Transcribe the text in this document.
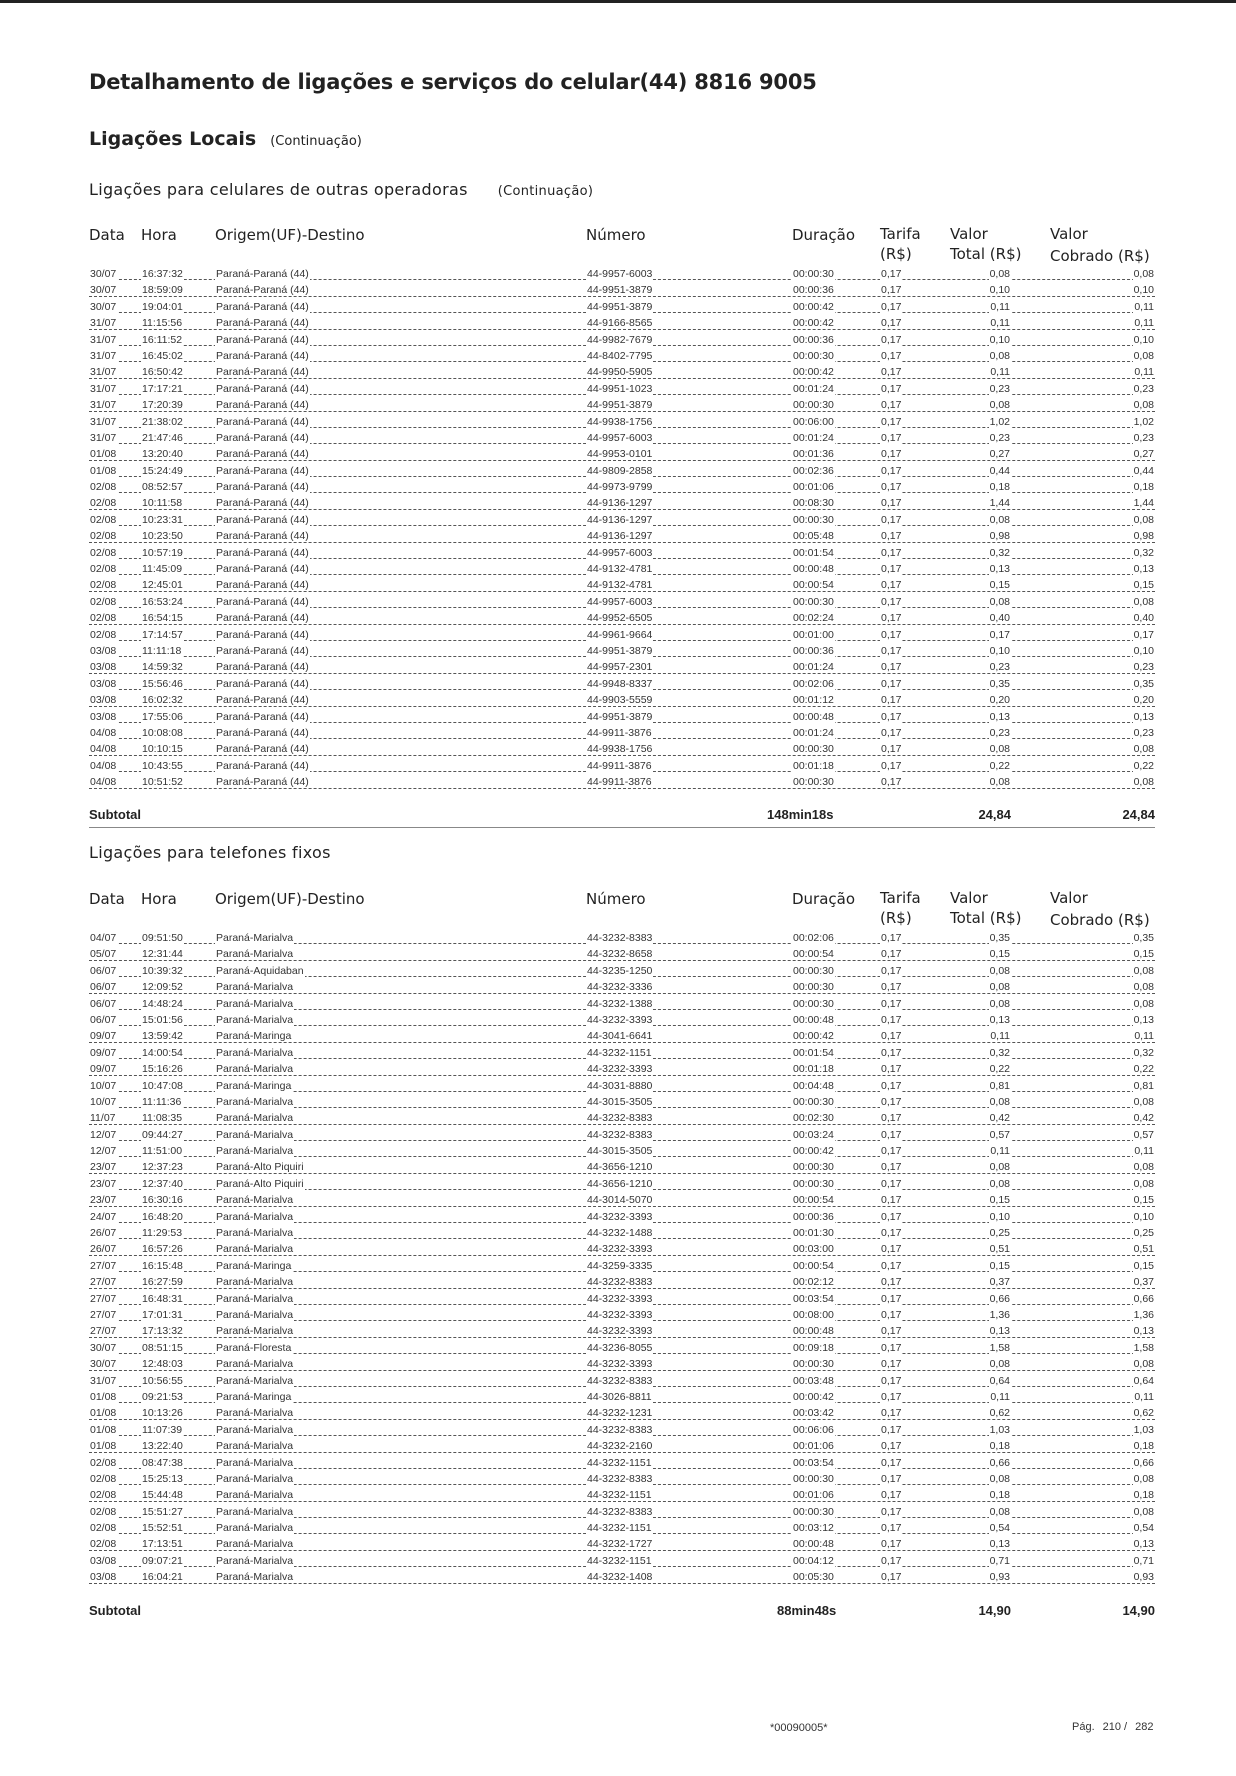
Detalhamento de ligações e serviços do celular(44) 8816 9005
Ligações Locais (Continuação)
Ligações para celulares de outras operadoras (Continuação)
Data Hora	Origem(UF)-Destino	Número	Duração Tarifa
(R$)
Valor
Total (R$)
Valor
Cobrado (R$)
30/07 16:37:32	Paraná-Paraná (44)	44-9957-6003	00:00:30	0,17	0,08	0,08
30/07 18:59:09	Paraná-Paraná (44)	44-9951-3879	00:00:36	0,17	0,10	0,10
30/07 19:04:01	Paraná-Paraná (44)	44-9951-3879	00:00:42	0,17	0,11	0,11
31/07 11:15:56	Paraná-Paraná (44)	44-9166-8565	00:00:42	0,17	0,11	0,11
31/07 16:11:52	Paraná-Paraná (44)	44-9982-7679	00:00:36	0,17	0,10	0,10
31/07 16:45:02	Paraná-Paraná (44)	44-8402-7795	00:00:30	0,17	0,08	0,08
31/07 16:50:42	Paraná-Paraná (44)	44-9950-5905	00:00:42	0,17	0,11	0,11
31/07 17:17:21	Paraná-Paraná (44)	44-9951-1023	00:01:24	0,17	0,23	0,23
31/07 17:20:39	Paraná-Paraná (44)	44-9951-3879	00:00:30	0,17	0,08	0,08
31/07 21:38:02	Paraná-Paraná (44)	44-9938-1756	00:06:00	0,17	1,02	1,02
31/07 21:47:46	Paraná-Paraná (44)	44-9957-6003	00:01:24	0,17	0,23	0,23
01/08 13:20:40	Paraná-Paraná (44)	44-9953-0101	00:01:36	0,17	0,27	0,27
01/08 15:24:49	Paraná-Parana (44)	44-9809-2858	00:02:36	0,17	0,44	0,44
02/08 08:52:57	Paraná-Paraná (44)	44-9973-9799	00:01:06	0,17	0,18	0,18
02/08 10:11:58	Paraná-Paraná (44)	44-9136-1297	00:08:30	0,17	1,44	1,44
02/08 10:23:31	Paraná-Paraná (44)	44-9136-1297	00:00:30	0,17	0,08	0,08
02/08 10:23:50	Paraná-Paraná (44)	44-9136-1297	00:05:48	0,17	0,98	0,98
02/08 10:57:19	Paraná-Paraná (44)	44-9957-6003	00:01:54	0,17	0,32	0,32
02/08 11:45:09	Paraná-Paraná (44)	44-9132-4781	00:00:48	0,17	0,13	0,13
02/08 12:45:01	Paraná-Paraná (44)	44-9132-4781	00:00:54	0,17	0,15	0,15
02/08 16:53:24	Paraná-Paraná (44)	44-9957-6003	00:00:30	0,17	0,08	0,08
02/08 16:54:15	Paraná-Paraná (44)	44-9952-6505	00:02:24	0,17	0,40	0,40
02/08 17:14:57	Paraná-Paraná (44)	44-9961-9664	00:01:00	0,17	0,17	0,17
03/08 11:11:18	Paraná-Paraná (44)	44-9951-3879	00:00:36	0,17	0,10	0,10
03/08 14:59:32	Paraná-Paraná (44)	44-9957-2301	00:01:24	0,17	0,23	0,23
03/08 15:56:46	Paraná-Paraná (44)	44-9948-8337	00:02:06	0,17	0,35	0,35
03/08 16:02:32	Paraná-Paraná (44)	44-9903-5559	00:01:12	0,17	0,20	0,20
03/08 17:55:06	Paraná-Paraná (44)	44-9951-3879	00:00:48	0,17	0,13	0,13
04/08 10:08:08	Paraná-Paraná (44)	44-9911-3876	00:01:24	0,17	0,23	0,23
04/08 10:10:15	Paraná-Paraná (44)	44-9938-1756	00:00:30	0,17	0,08	0,08
04/08 10:43:55	Paraná-Paraná (44)	44-9911-3876	00:01:18	0,17	0,22	0,22
04/08 10:51:52	Paraná-Paraná (44)	44-9911-3876	00:00:30	0,17	0,08	0,08
Subtotal	148min18s	24,84	24,84
Ligações para telefones fixos
Data Hora	Origem(UF)-Destino	Número	Duração Tarifa
(R$)
Valor
Total (R$)
Valor
Cobrado (R$)
04/07 09:51:50	Paraná-Marialva	44-3232-8383	00:02:06	0,17	0,35	0,35
05/07 12:31:44	Paraná-Marialva	44-3232-8658	00:00:54	0,17	0,15	0,15
06/07 10:39:32	Paraná-Aquidaban	44-3235-1250	00:00:30	0,17	0,08	0,08
06/07 12:09:52	Paraná-Marialva	44-3232-3336	00:00:30	0,17	0,08	0,08
06/07 14:48:24	Paraná-Marialva	44-3232-1388	00:00:30	0,17	0,08	0,08
06/07 15:01:56	Paraná-Marialva	44-3232-3393	00:00:48	0,17	0,13	0,13
09/07 13:59:42	Paraná-Maringa	44-3041-6641	00:00:42	0,17	0,11	0,11
09/07 14:00:54	Paraná-Marialva	44-3232-1151	00:01:54	0,17	0,32	0,32
09/07 15:16:26	Paraná-Marialva	44-3232-3393	00:01:18	0,17	0,22	0,22
10/07 10:47:08	Paraná-Maringa	44-3031-8880	00:04:48	0,17	0,81	0,81
10/07 11:11:36	Paraná-Marialva	44-3015-3505	00:00:30	0,17	0,08	0,08
11/07	11:08:35	Paraná-Marialva	44-3232-8383	00:02:30	0,17	0,42	0,42
12/07 09:44:27	Paraná-Marialva	44-3232-8383	00:03:24	0,17	0,57	0,57
12/07 11:51:00	Paraná-Marialva	44-3015-3505	00:00:42	0,17	0,11	0,11
23/07 12:37:23	Paraná-Alto Piquiri	44-3656-1210	00:00:30	0,17	0,08	0,08
23/07 12:37:40	Paraná-Alto Piquiri	44-3656-1210	00:00:30	0,17	0,08	0,08
23/07 16:30:16	Paraná-Marialva	44-3014-5070	00:00:54	0,17	0,15	0,15
24/07 16:48:20	Paraná-Marialva	44-3232-3393	00:00:36	0,17	0,10	0,10
26/07 11:29:53	Paraná-Marialva	44-3232-1488	00:01:30	0,17	0,25	0,25
26/07 16:57:26	Paraná-Marialva	44-3232-3393	00:03:00	0,17	0,51	0,51
27/07 16:15:48	Paraná-Maringa	44-3259-3335	00:00:54	0,17	0,15	0,15
27/07 16:27:59	Paraná-Marialva	44-3232-8383	00:02:12	0,17	0,37	0,37
27/07 16:48:31	Paraná-Marialva	44-3232-3393	00:03:54	0,17	0,66	0,66
27/07 17:01:31	Paraná-Marialva	44-3232-3393	00:08:00	0,17	1,36	1,36
27/07 17:13:32	Paraná-Marialva	44-3232-3393	00:00:48	0,17	0,13	0,13
30/07 08:51:15	Paraná-Floresta	44-3236-8055	00:09:18	0,17	1,58	1,58
30/07 12:48:03	Paraná-Marialva	44-3232-3393	00:00:30	0,17	0,08	0,08
31/07 10:56:55	Paraná-Marialva	44-3232-8383	00:03:48	0,17	0,64	0,64
01/08 09:21:53	Paraná-Maringa	44-3026-8811	00:00:42	0,17	0,11	0,11
01/08 10:13:26	Paraná-Marialva	44-3232-1231	00:03:42	0,17	0,62	0,62
01/08 11:07:39	Paraná-Marialva	44-3232-8383	00:06:06	0,17	1,03	1,03
01/08 13:22:40	Paraná-Marialva	44-3232-2160	00:01:06	0,17	0,18	0,18
02/08 08:47:38	Paraná-Marialva	44-3232-1151	00:03:54	0,17	0,66	0,66
02/08 15:25:13	Paraná-Marialva	44-3232-8383	00:00:30	0,17	0,08	0,08
02/08 15:44:48	Paraná-Marialva	44-3232-1151	00:01:06	0,17	0,18	0,18
02/08 15:51:27	Paraná-Marialva	44-3232-8383	00:00:30	0,17	0,08	0,08
02/08 15:52:51	Paraná-Marialva	44-3232-1151	00:03:12	0,17	0,54	0,54
02/08 17:13:51	Paraná-Marialva	44-3232-1727	00:00:48	0,17	0,13	0,13
03/08 09:07:21	Paraná-Marialva	44-3232-1151	00:04:12	0,17	0,71	0,71
03/08 16:04:21	Paraná-Marialva	44-3232-1408	00:05:30	0,17	0,93	0,93
Subtotal	88min48s	14,90	14,90
*00090005*	Pág. 210 / 282
